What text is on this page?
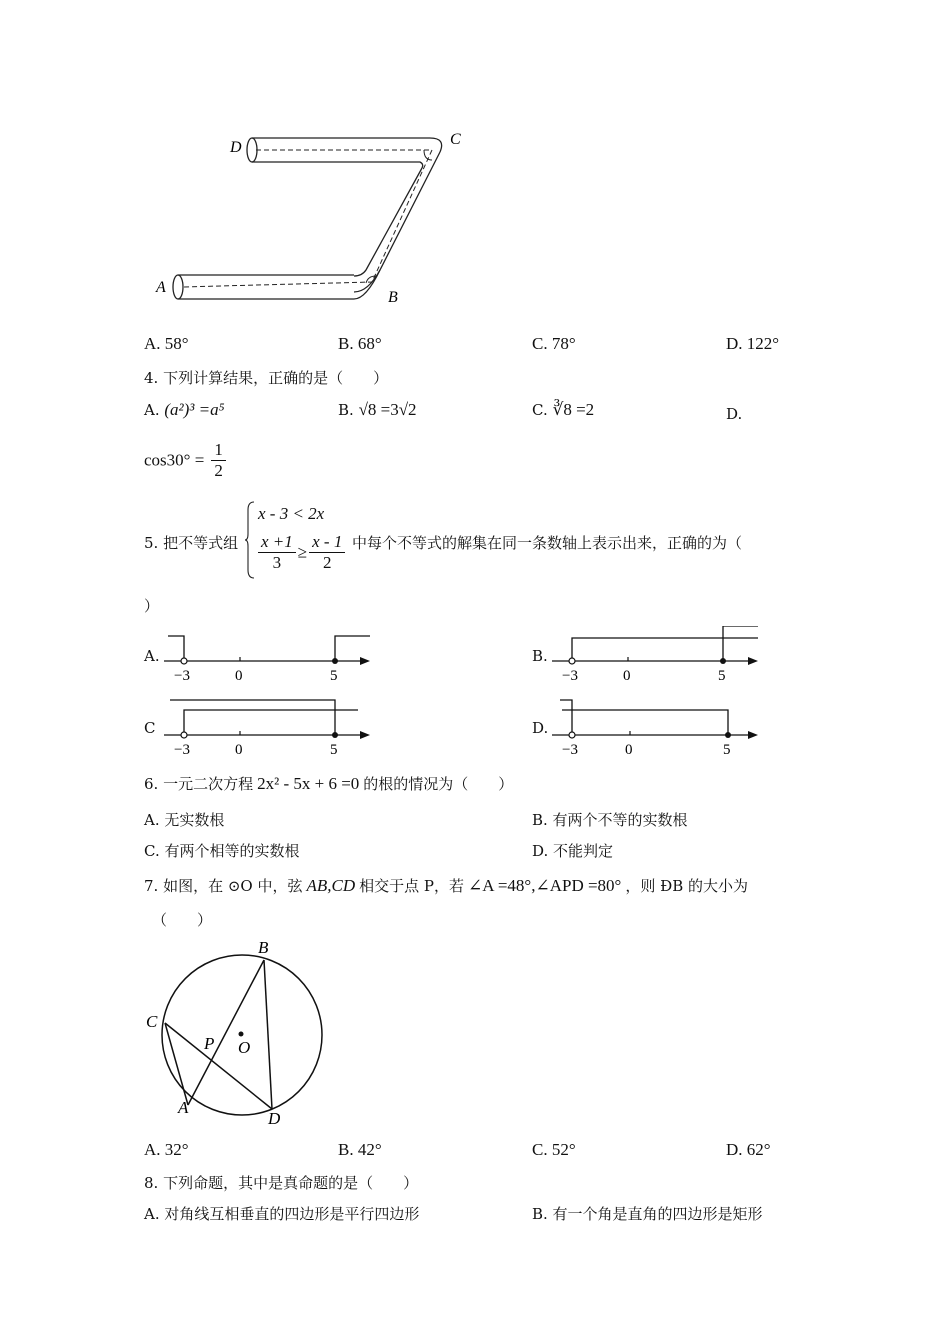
D	C
A
B
A. 58°	B. 68°	C. 78°	D. 122°
4. 下列计算结果，正确的是（　　）
A. (a²)³ =a⁵	B. √8 =3√2	C. ∛8 =2	D.
$\cos 30^\circ = \frac{1}{2}$
5. 把不等式组
x - 3 < 2x
$\frac{x +1}{3} \ge \frac{x - 1}{2}$ 中每个不等式的解集在同一条数轴上表示出来，正确的为（
）
A.
−3	0	5
B.
−3	0	5
C
−3	0	5
D.
−3	0	5
6. 一元二次方程 2x² - 5x + 6 =0 的根的情况为（　　）
A. 无实数根	B. 有两个不等的实数根
C. 有两个相等的实数根	D. 不能判定
7. 如图，在 ⊙O 中，弦 AB,CD 相交于点 P，若 ∠A =48°,∠APD =80° ，则 ÐB 的大小为
（　　）
B
C
P O
A
D
A. 32°	B. 42°	C. 52°	D. 62°
8. 下列命题，其中是真命题的是（　　）
A. 对角线互相垂直的四边形是平行四边形	B. 有一个角是直角的四边形是矩形
